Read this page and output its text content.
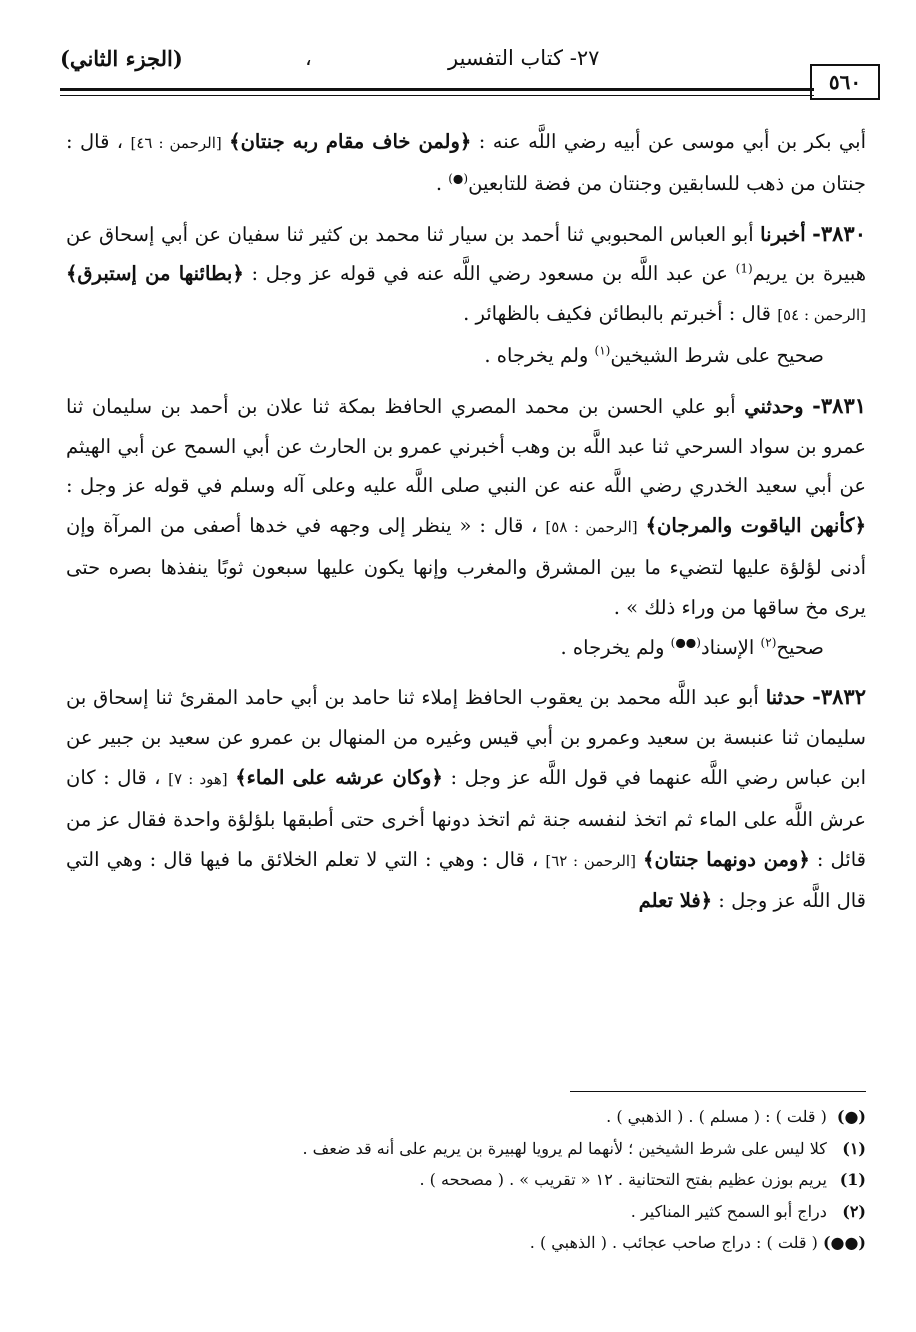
(الجزء الثاني)	،	٢٧- كتاب التفسير
٥٦٠

أبي بكر بن أبي موسى عن أبيه رضي اللَّه عنه : ﴿ولمن خاف مقام ربه جنتان﴾ [الرحمن : ٤٦] ، قال : جنتان من ذهب للسابقين وجنتان من فضة للتابعين(●) .

٣٨٣٠- أخبرنا أبو العباس المحبوبي ثنا أحمد بن سيار ثنا محمد بن كثير ثنا سفيان عن أبي إسحاق عن هبيرة بن يريم$^{(1)}$ عن عبد اللَّه بن مسعود رضي اللَّه عنه في قوله عز وجل : ﴿بطائنها من إستبرق﴾ [الرحمن : ٥٤] قال : أخبرتم بالبطائن فكيف بالظهائر .

صحيح على شرط الشيخين$^{(١)}$ ولم يخرجاه .

٣٨٣١- وحدثني أبو علي الحسن بن محمد المصري الحافظ بمكة ثنا علان بن أحمد بن سليمان ثنا عمرو بن سواد السرحي ثنا عبد اللَّه بن وهب أخبرني عمرو بن الحارث عن أبي السمح عن أبي الهيثم عن أبي سعيد الخدري رضي اللَّه عنه عن النبي صلى اللَّه عليه وعلى آله وسلم في قوله عز وجل : ﴿كأنهن الياقوت والمرجان﴾ [الرحمن : ٥٨] ، قال : « ينظر إلى وجهه في خدها أصفى من المرآة وإن أدنى لؤلؤة عليها لتضيء ما بين المشرق والمغرب وإنها يكون عليها سبعون ثوبًا ينفذها بصره حتى يرى مخ ساقها من وراء ذلك » .

صحيح$^{(٢)}$ الإسناد(●●) ولم يخرجاه .

٣٨٣٢- حدثنا أبو عبد اللَّه محمد بن يعقوب الحافظ إملاء ثنا حامد بن أبي حامد المقرئ ثنا إسحاق بن سليمان ثنا عنبسة بن سعيد وعمرو بن أبي قيس وغيره من المنهال بن عمرو عن سعيد بن جبير عن ابن عباس رضي اللَّه عنهما في قول اللَّه عز وجل : ﴿وكان عرشه على الماء﴾ [هود : ٧] ، قال : كان عرش اللَّه على الماء ثم اتخذ لنفسه جنة ثم اتخذ دونها أخرى حتى أطبقها بلؤلؤة واحدة فقال عز من قائل : ﴿ومن دونهما جنتان﴾ [الرحمن : ٦٢] ، قال : وهي : التي لا تعلم الخلائق ما فيها قال : وهي التي قال اللَّه عز وجل : ﴿فلا تعلم

(●) ( قلت ) : ( مسلم ) . ( الذهبي ) .
(١) كلا ليس على شرط الشيخين ؛ لأنهما لم يرويا لهبيرة بن يريم على أنه قد ضعف .
(1) يريم بوزن عظيم بفتح التحتانية . ١٢ « تقريب » . ( مصححه ) .
(٢) دراج أبو السمح كثير المناكير .
(●●) ( قلت ) : دراج صاحب عجائب . ( الذهبي ) .
